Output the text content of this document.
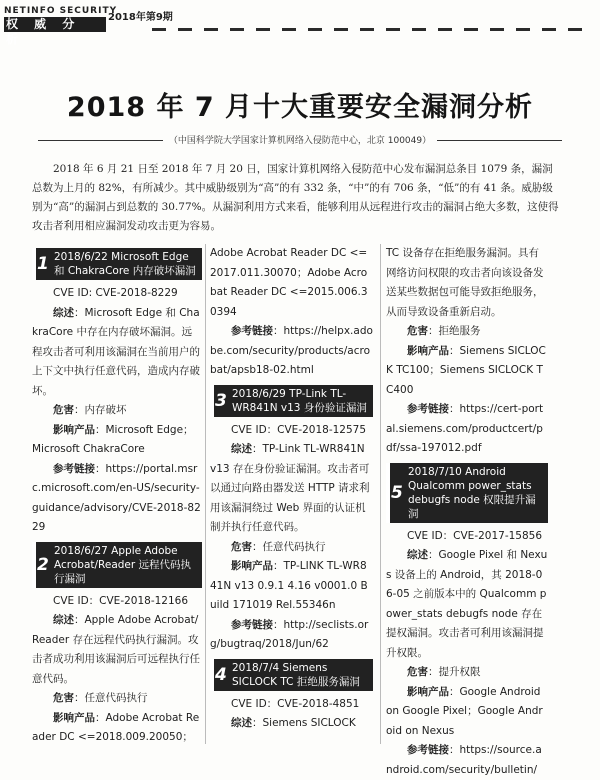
NETINFO SECURITY
权 威 分 析
2018年第9期
2018 年 7 月十大重要安全漏洞分析
（中国科学院大学国家计算机网络入侵防范中心，北京 100049）

2018 年 6 月 21 日至 2018 年 7 月 20 日，国家计算机网络入侵防范中心发布漏洞总条目 1079 条，漏洞总数为上月的 82%，有所减少。其中威胁级别为“高”的有 332 条，“中”的有 706 条，“低”的有 41 条。威胁级别为“高”的漏洞占到总数的 30.77%。从漏洞利用方式来看，能够利用从远程进行攻击的漏洞占绝大多数，这使得攻击者利用相应漏洞发动攻击更为容易。

1 2018/6/22 Microsoft Edge 和 ChakraCore 内存破坏漏洞

CVE ID: CVE-2018-8229

综述：Microsoft Edge 和 ChakraCore 中存在内存破坏漏洞。远程攻击者可利用该漏洞在当前用户的上下文中执行任意代码，造成内存破坏。

危害：内存破坏

影响产品：Microsoft Edge；Microsoft ChakraCore

参考链接：https://portal.msrc.microsoft.com/en-US/security-guidance/advisory/CVE-2018-8229

2
2018/6/27 Apple Adobe Acrobat/Reader 远程代码执行漏洞

CVE ID：CVE-2018-12166

综述：Apple Adobe Acrobat/Reader 存在远程代码执行漏洞。攻击者成功利用该漏洞后可远程执行任意代码。

危害：任意代码执行

影响产品：Adobe Acrobat Reader DC <=2018.009.20050；

Adobe Acrobat Reader DC <=2017.011.30070；Adobe Acrobat Reader DC <=2015.006.30394

参考链接：https://helpx.adobe.com/security/products/acrobat/apsb18-02.html

3 2018/6/29 TP-Link TL-WR841N v13 身份验证漏洞

CVE ID：CVE-2018-12575

综述：TP-Link TL-WR841N v13 存在身份验证漏洞。攻击者可以通过向路由器发送 HTTP 请求利用该漏洞绕过 Web 界面的认证机制并执行任意代码。

危害：任意代码执行

影响产品：TP-LINK TL-WR841N v13 0.9.1 4.16 v0001.0 Build 171019 Rel.55346n

参考链接：http://seclists.org/bugtraq/2018/Jun/62

4 2018/7/4 Siemens SICLOCK TC 拒绝服务漏洞

CVE ID：CVE-2018-4851

综述：Siemens SICLOCK

TC 设备存在拒绝服务漏洞。具有网络访问权限的攻击者向该设备发送某些数据包可能导致拒绝服务，从而导致设备重新启动。

危害：拒绝服务

影响产品：Siemens SICLOCK TC100；Siemens SICLOCK TC400

参考链接：https://cert-portal.siemens.com/productcert/pdf/ssa-197012.pdf

5
2018/7/10 Android Qualcomm power_stats debugfs node 权限提升漏洞

CVE ID：CVE-2017-15856

综述：Google Pixel 和 Nexus 设备上的 Android，其 2018-06-05 之前版本中的 Qualcomm power_stats debugfs node 存在提权漏洞。攻击者可利用该漏洞提升权限。

危害：提升权限

影响产品：Google Android on Google Pixel；Google Android on Nexus

参考链接：https://source.android.com/security/bulletin/
